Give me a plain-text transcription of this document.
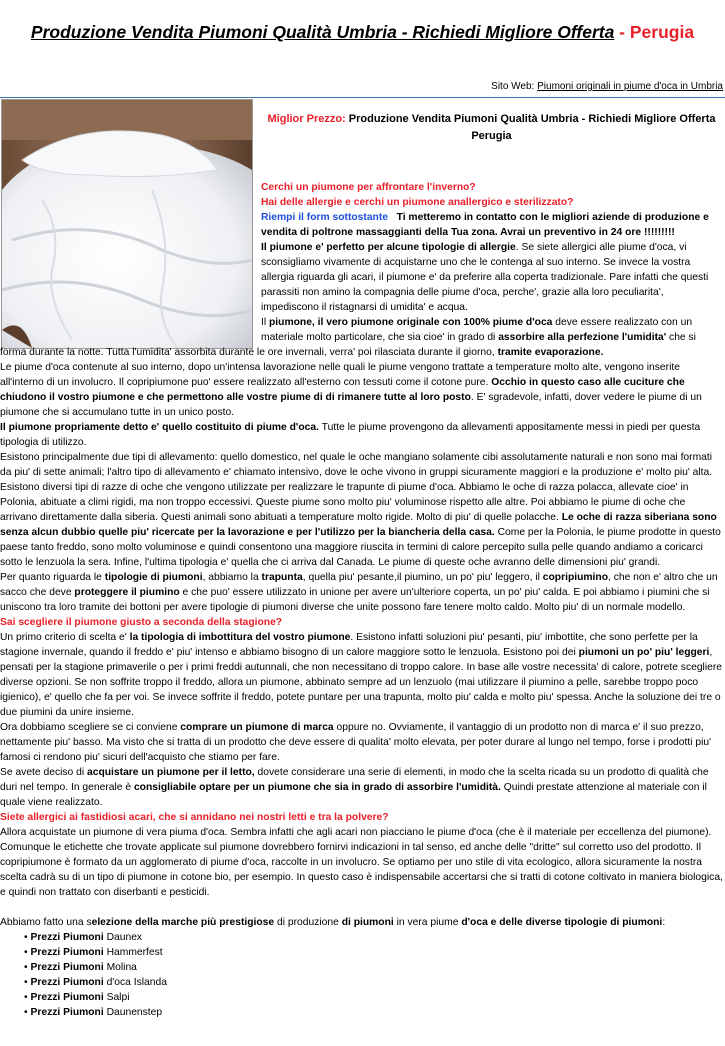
Produzione Vendita Piumoni Qualità Umbria - Richiedi Migliore Offerta - Perugia
Sito Web: Piumoni originali in piume d'oca in Umbria
Miglior Prezzo: Produzione Vendita Piumoni Qualità Umbria - Richiedi Migliore Offerta Perugia

Cerchi un piumone per affrontare l'inverno?

Hai delle allergie e cerchi un piumone anallergico e sterilizzato?

Riempi il form sottostante Ti metteremo in contatto con le migliori aziende di produzione e vendita di poltrone massaggianti della Tua zona. Avrai un preventivo in 24 ore !!!!!!!!!

Il piumone e' perfetto per alcune tipologie di allergie. Se siete allergici alle piume d'oca, vi sconsigliamo vivamente di acquistarne uno che le contenga al suo interno. Se invece la vostra allergia riguarda gli acari, il piumone e' da preferire alla coperta tradizionale. Pare infatti che questi parassiti non amino la compagnia delle piume d'oca, perche', grazie alla loro peculiarita', impediscono il ristagnarsi di umidita' e acqua.

Il piumone, il vero piumone originale con 100% piume d'oca deve essere realizzato con un materiale molto particolare, che sia cioe' in grado di assorbire alla perfezione l'umidita' che si forma durante la notte. Tutta l'umidita' assorbita durante le ore invernali, verra' poi rilasciata durante il giorno, tramite evaporazione.

Le piume d'oca contenute al suo interno, dopo un'intensa lavorazione nelle quali le piume vengono trattate a temperature molto alte, vengono inserite all'interno di un involucro. Il copripiumone puo' essere realizzato all'esterno con tessuti come il cotone pure. Occhio in questo caso alle cuciture che chiudono il vostro piumone e che permettono alle vostre piume di di rimanere tutte al loro posto. E' sgradevole, infatti, dover vedere le piume di un piumone che si accumulano tutte in un unico posto.

Il piumone propriamente detto e' quello costituito di piume d'oca. Tutte le piume provengono da allevamenti appositamente messi in piedi per questa tipologia di utilizzo.

Esistono principalmente due tipi di allevamento: quello domestico, nel quale le oche mangiano solamente cibi assolutamente naturali e non sono mai formati da piu' di sette animali; l'altro tipo di allevamento e' chiamato intensivo, dove le oche vivono in gruppi sicuramente maggiori e la produzione e' molto piu' alta.

Esistono diversi tipi di razze di oche che vengono utilizzate per realizzare le trapunte di piume d'oca. Abbiamo le oche di razza polacca, allevate cioe' in Polonia, abituate a climi rigidi, ma non troppo eccessivi. Queste piume sono molto piu' voluminose rispetto alle altre. Poi abbiamo le piume di oche che arrivano direttamente dalla siberia. Questi animali sono abituati a temperature molto rigide. Molto di piu' di quelle polacche. Le oche di razza siberiana sono senza alcun dubbio quelle piu' ricercate per la lavorazione e per l'utilizzo per la biancheria della casa. Come per la Polonia, le piume prodotte in questo paese tanto freddo, sono molto voluminose e quindi consentono una maggiore riuscita in termini di calore percepito sulla pelle quando andiamo a coricarci sotto le lenzuola la sera. Infine, l'ultima tipologia e' quella che ci arriva dal Canada. Le piume di queste oche avranno delle dimensioni piu' grandi.

Per quanto riguarda le tipologie di piumoni, abbiamo la trapunta, quella piu' pesante,il piumino, un po' piu' leggero, il copripiumino, che non e' altro che un sacco che deve proteggere il piumino e che puo' essere utilizzato in unione per avere un'ulteriore coperta, un po' piu' calda. E poi abbiamo i piumini che si uniscono tra loro tramite dei bottoni per avere tipologie di piumoni diverse che unite possono fare tenere molto caldo. Molto piu' di un normale modello.

Sai scegliere il piumone giusto a seconda della stagione?

Un primo criterio di scelta e' la tipologia di imbottitura del vostro piumone. Esistono infatti soluzioni piu' pesanti, piu' imbottite, che sono perfette per la stagione invernale, quando il freddo e' piu' intenso e abbiamo bisogno di un calore maggiore sotto le lenzuola. Esistono poi dei piumoni un po' piu' leggeri, pensati per la stagione primaverile o per i primi freddi autunnali, che non necessitano di troppo calore. In base alle vostre necessita' di calore, potrete scegliere diverse opzioni. Se non soffrite troppo il freddo, allora un piumone, abbinato sempre ad un lenzuolo (mai utilizzare il piumino a pelle, sarebbe troppo poco igienico), e' quello che fa per voi. Se invece soffrite il freddo, potete puntare per una trapunta, molto piu' calda e molto piu' spessa. Anche la soluzione dei tre o due piumini da unire insieme.

Ora dobbiamo scegliere se ci conviene comprare un piumone di marca oppure no. Ovviamente, il vantaggio di un prodotto non di marca e' il suo prezzo, nettamente piu' basso. Ma visto che si tratta di un prodotto che deve essere di qualita' molto elevata, per poter durare al lungo nel tempo, forse i prodotti piu' famosi ci rendono piu' sicuri dell'acquisto che stiamo per fare.

Se avete deciso di acquistare un piumone per il letto, dovete considerare una serie di elementi, in modo che la scelta ricada su un prodotto di qualità che duri nel tempo. In generale è consigliabile optare per un piumone che sia in grado di assorbire l'umidità. Quindi prestate attenzione al materiale con il quale viene realizzato.

Siete allergici ai fastidiosi acari, che si annidano nei nostri letti e tra la polvere?

Allora acquistate un piumone di vera piuma d'oca. Sembra infatti che agli acari non piacciano le piume d'oca (che è il materiale per eccellenza del piumone). Comunque le etichette che trovate applicate sul piumone dovrebbero fornirvi indicazioni in tal senso, ed anche delle "dritte" sul corretto uso del prodotto. Il copripiumone è formato da un agglomerato di piume d'oca, raccolte in un involucro. Se optiamo per uno stile di vita ecologico, allora sicuramente la nostra scelta cadrà su di un tipo di piumone in cotone bio, per esempio. In questo caso è indispensabile accertarsi che si tratti di cotone coltivato in maniera biologica, e quindi non trattato con diserbanti e pesticidi.

Abbiamo fatto una selezione della marche più prestigiose di produzione di piumoni in vera piume d'oca e delle diverse tipologie di piumoni:

• Prezzi Piumoni Daunex
• Prezzi Piumoni Hammerfest
• Prezzi Piumoni Molina
• Prezzi Piumoni d'oca Islanda
• Prezzi Piumoni Salpi
• Prezzi Piumoni Daunenstep
